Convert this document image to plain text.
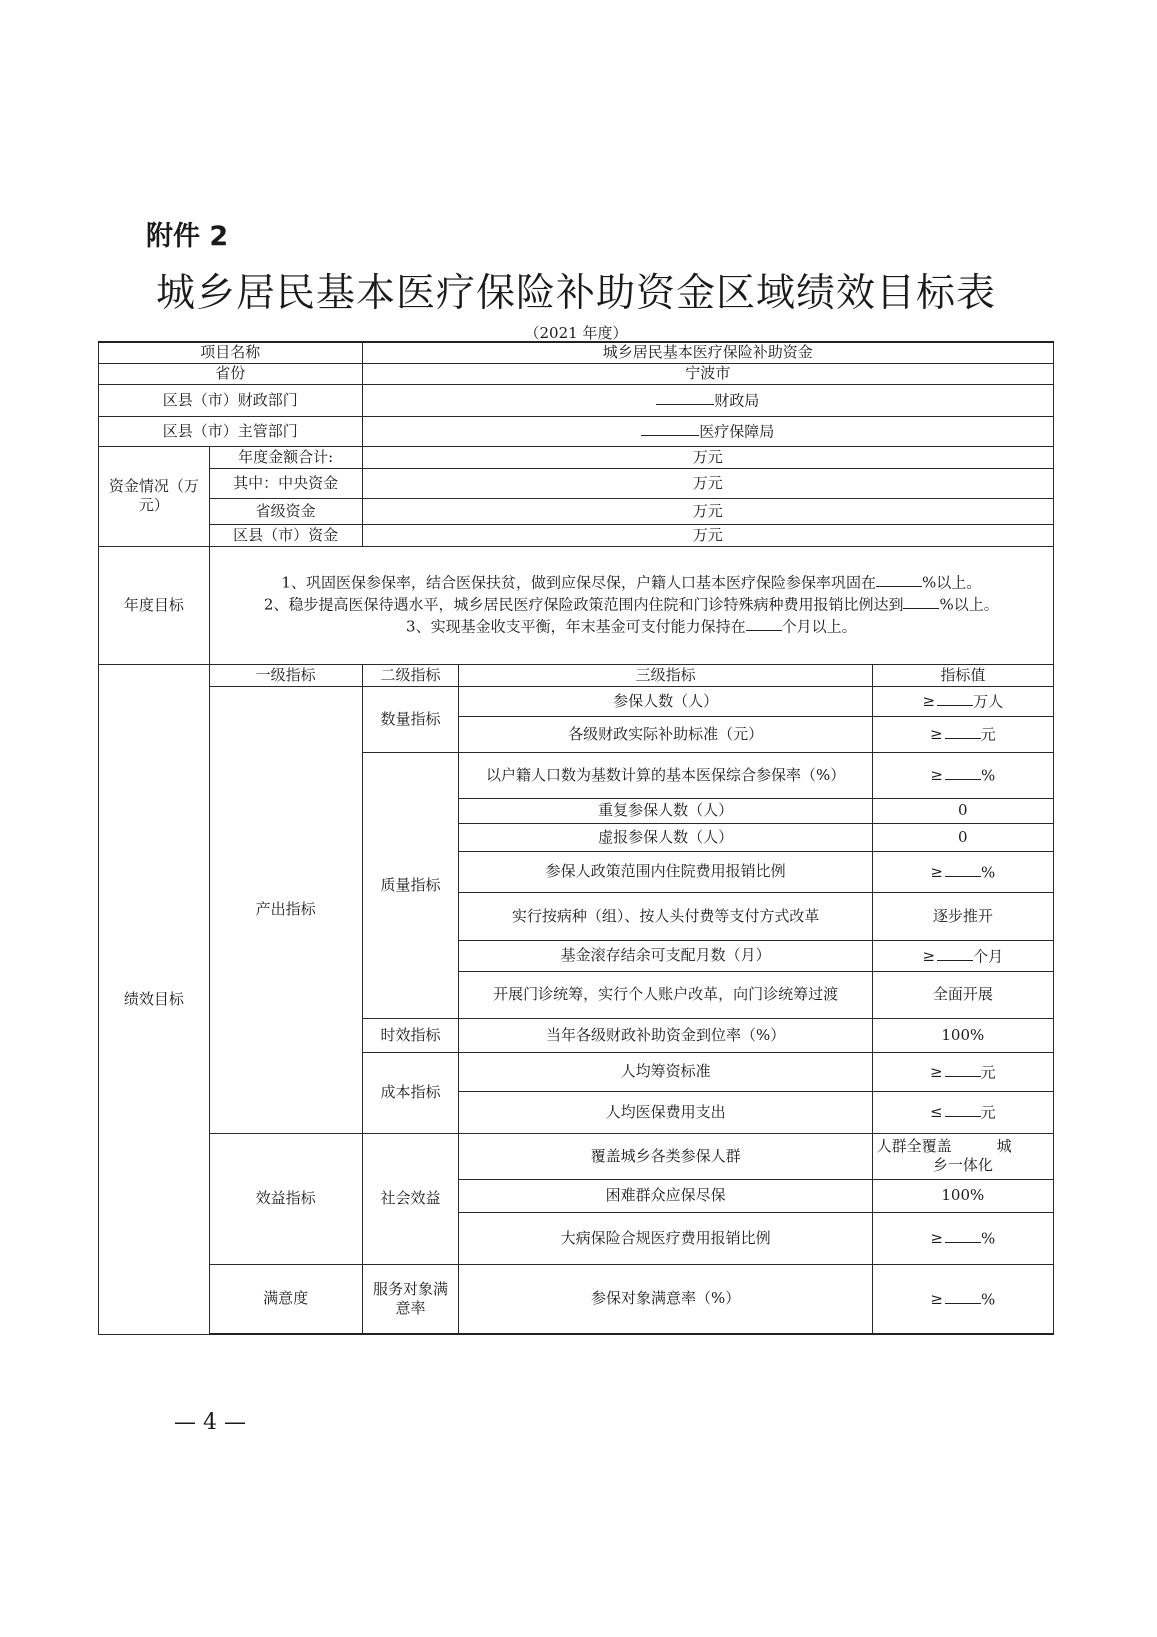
附件 2
城乡居民基本医疗保险补助资金区域绩效目标表
（2021 年度）
项目名称		城乡居民基本医疗保险补助资金		
省份		宁波市		
区县（市）财政部门		财政局		
区县（市）主管部门		医疗保障局		
资金情况（万元）	年度金额合计:	万元		
	其中：中央资金	万元		
	省级资金	万元		
	区县（市）资金	万元		
年度目标	1、巩固医保参保率，结合医保扶贫，做到应保尽保，户籍人口基本医疗保险参保率巩固在 %以上。
2、稳步提高医保待遇水平，城乡居民医疗保险政策范围内住院和门诊特殊病种费用报销比例达到 %以上。
3、实现基金收支平衡，年末基金可支付能力保持在 个月以上。			

绩效目标	一级指标	二级指标	三级指标	指标值
	产出指标	数量指标	参保人数（人）	≥ 万人
			各级财政实际补助标准（元）	≥ 元
		质量指标	以户籍人口数为基数计算的基本医保综合参保率（%）	≥ %
			重复参保人数（人）	0
			虚报参保人数（人）	0
			参保人政策范围内住院费用报销比例	≥ %
			实行按病种（组）、按人头付费等支付方式改革	逐步推开
			基金滚存结余可支配月数（月）	≥ 个月
			开展门诊统筹，实行个人账户改革，向门诊统筹过渡	全面开展
		时效指标	当年各级财政补助资金到位率（%）	100%
		成本指标	人均筹资标准	≥ 元
			人均医保费用支出	≤ 元
	效益指标	社会效益	覆盖城乡各类参保人群	人群全覆盖　　　城
乡一体化

			困难群众应保尽保	100%
			大病保险合规医疗费用报销比例	≥ %
	满意度	服务对象满意率	参保对象满意率（%）	≥ %
— 4 —
